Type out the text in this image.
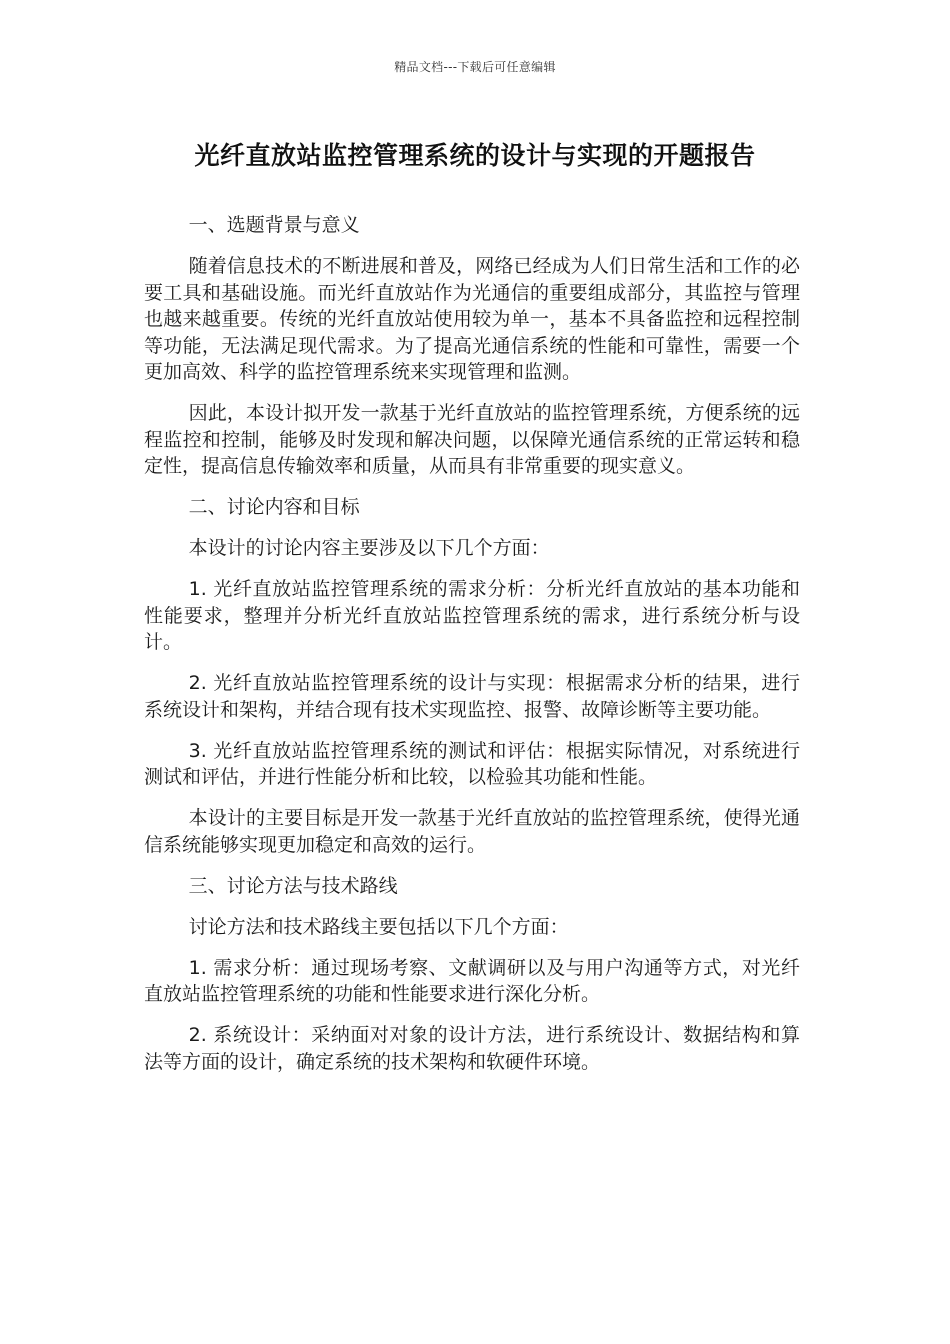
精品文档---下载后可任意编辑
光纤直放站监控管理系统的设计与实现的开题报告

一、选题背景与意义

随着信息技术的不断进展和普及，网络已经成为人们日常生活和工作的必要工具和基础设施。而光纤直放站作为光通信的重要组成部分，其监控与管理也越来越重要。传统的光纤直放站使用较为单一，基本不具备监控和远程控制等功能，无法满足现代需求。为了提高光通信系统的性能和可靠性，需要一个更加高效、科学的监控管理系统来实现管理和监测。

因此，本设计拟开发一款基于光纤直放站的监控管理系统，方便系统的远程监控和控制，能够及时发现和解决问题，以保障光通信系统的正常运转和稳定性，提高信息传输效率和质量，从而具有非常重要的现实意义。

二、讨论内容和目标

本设计的讨论内容主要涉及以下几个方面：

1. 光纤直放站监控管理系统的需求分析：分析光纤直放站的基本功能和性能要求，整理并分析光纤直放站监控管理系统的需求，进行系统分析与设计。

2. 光纤直放站监控管理系统的设计与实现：根据需求分析的结果，进行系统设计和架构，并结合现有技术实现监控、报警、故障诊断等主要功能。

3. 光纤直放站监控管理系统的测试和评估：根据实际情况，对系统进行测试和评估，并进行性能分析和比较，以检验其功能和性能。

本设计的主要目标是开发一款基于光纤直放站的监控管理系统，使得光通信系统能够实现更加稳定和高效的运行。

三、讨论方法与技术路线

讨论方法和技术路线主要包括以下几个方面：

1. 需求分析：通过现场考察、文献调研以及与用户沟通等方式，对光纤直放站监控管理系统的功能和性能要求进行深化分析。

2. 系统设计：采纳面对对象的设计方法，进行系统设计、数据结构和算法等方面的设计，确定系统的技术架构和软硬件环境。
